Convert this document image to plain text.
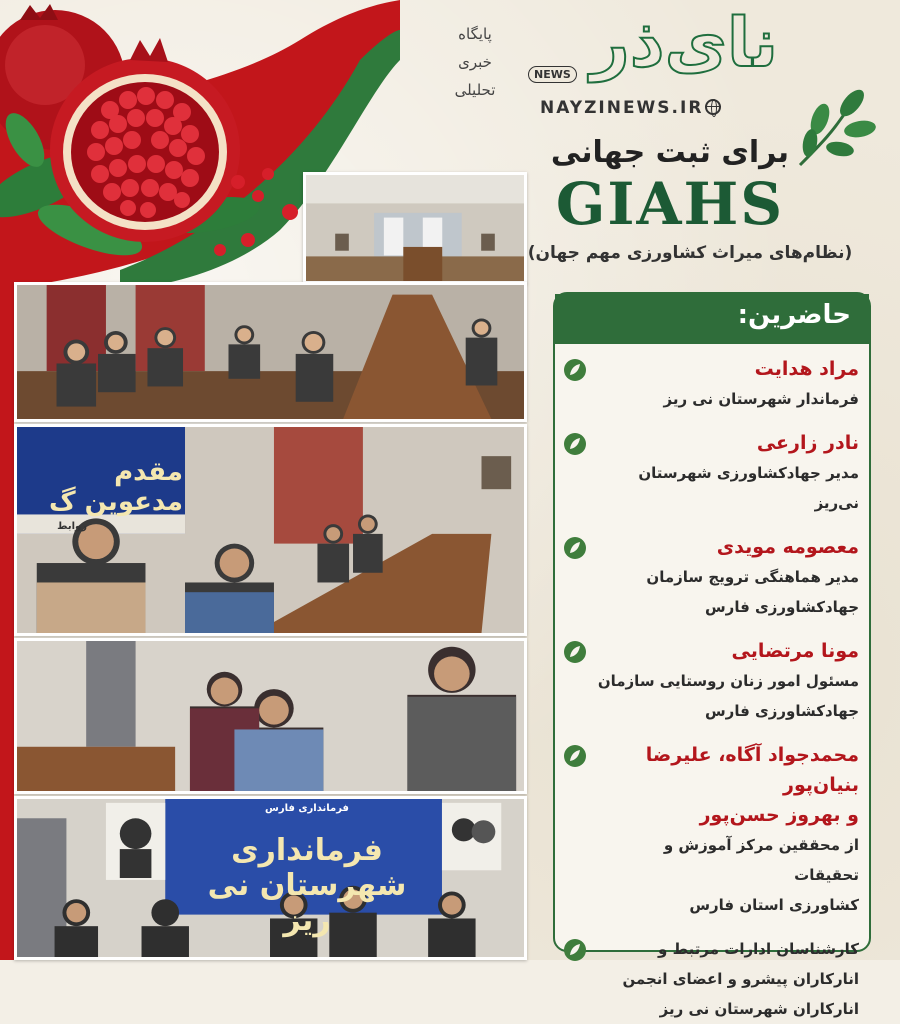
پایگاه
خبری
تحلیلی
نای‌ذر
NEWS
NAYZINEWS.IR
برای ثبت جهانی
GIAHS
(نظام‌های میراث کشاورزی مهم جهان)
حاضرین:
مراد هدایت
فرماندار شهرستان نی ریز
نادر زارعی
مدیر جهادکشاورزی شهرستان نی‌ریز
معصومه مویدی
مدیر هماهنگی ترویج سازمان
جهادکشاورزی فارس
مونا مرتضایی
مسئول امور زنان روستایی سازمان
جهادکشاورزی فارس
محمدجواد آگاه، علیرضا بنیان‌پور
و بهروز حسن‌پور
از محققین مرکز آموزش و تحقیقات
کشاورزی استان فارس
کارشناسان ادارات مرتبط و
انارکاران پیشرو و اعضای انجمن
انارکاران شهرستان نی ریز
مقدم مدعوین گ
روابط
فرمانداری شهرستان نی ریز
فرمانداری فارس
